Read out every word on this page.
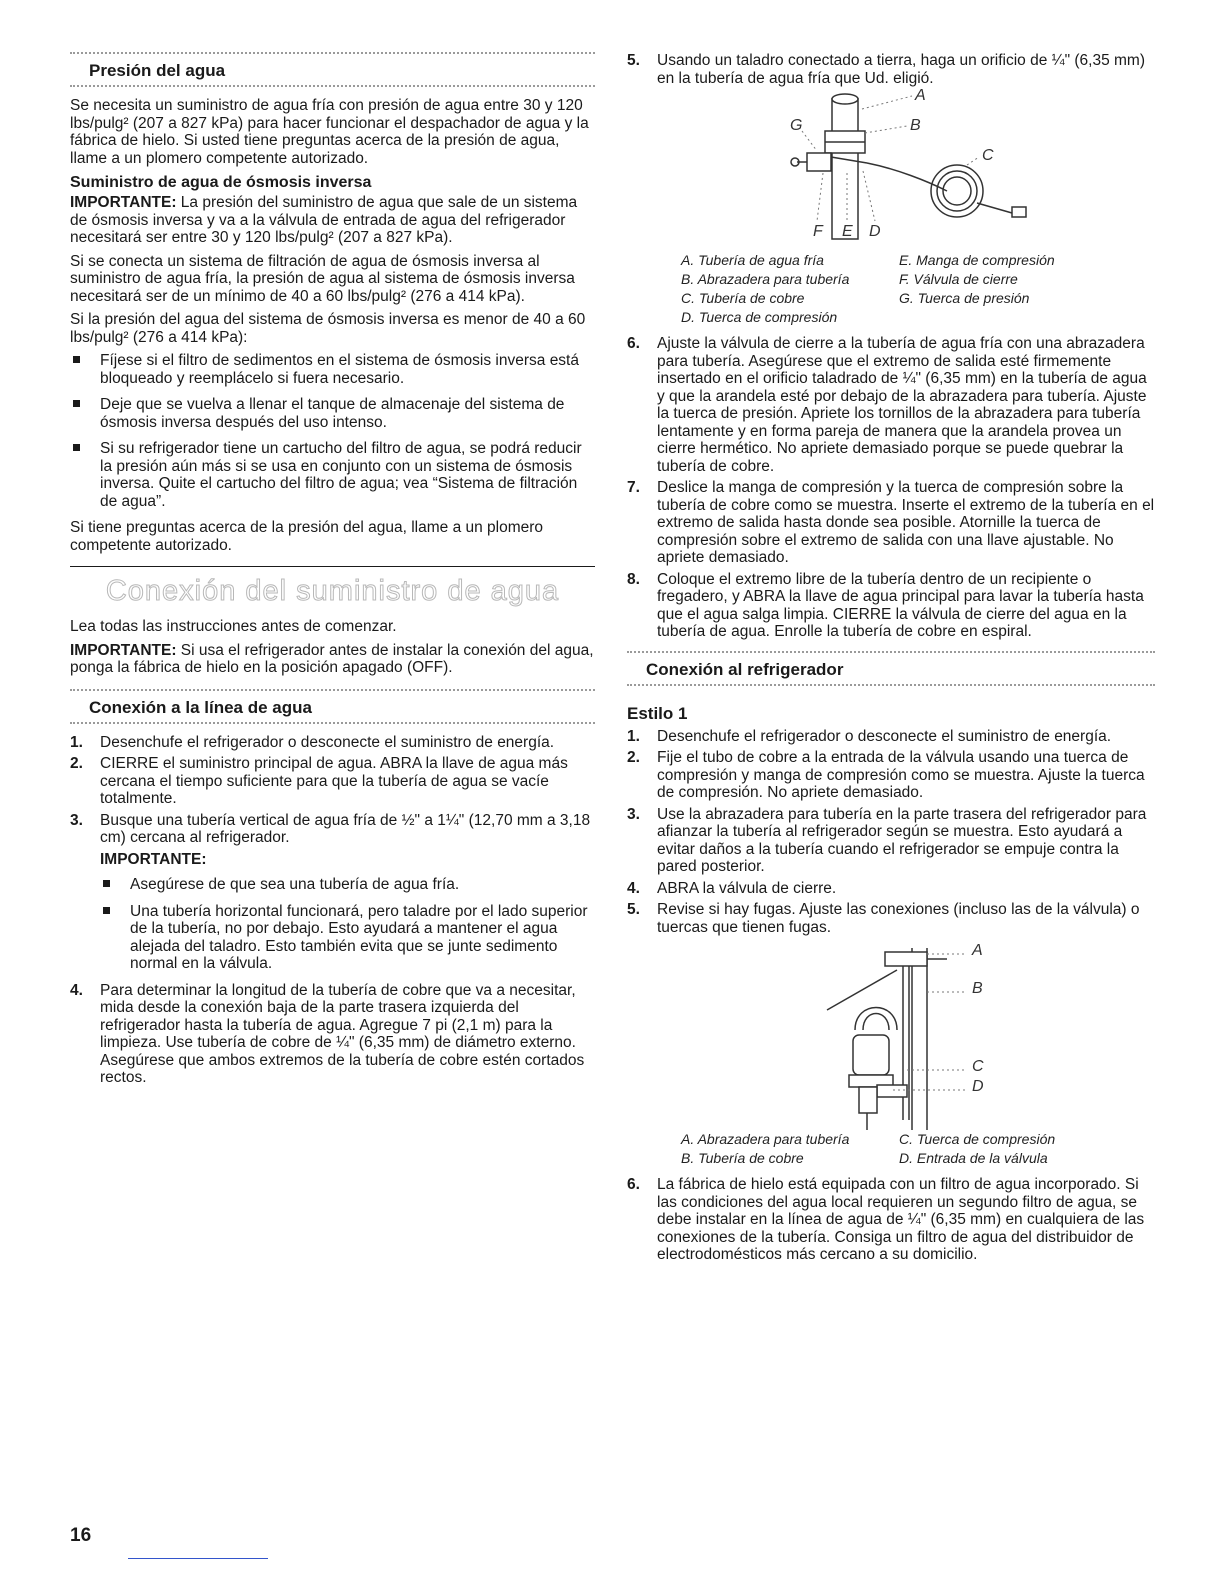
Presión del agua

Se necesita un suministro de agua fría con presión de agua entre 30 y 120 lbs/pulg² (207 a 827 kPa) para hacer funcionar el despachador de agua y la fábrica de hielo. Si usted tiene preguntas acerca de la presión de agua, llame a un plomero competente autorizado.

Suministro de agua de ósmosis inversa

IMPORTANTE: La presión del suministro de agua que sale de un sistema de ósmosis inversa y va a la válvula de entrada de agua del refrigerador necesitará ser entre 30 y 120 lbs/pulg² (207 a 827 kPa).

Si se conecta un sistema de filtración de agua de ósmosis inversa al suministro de agua fría, la presión de agua al sistema de ósmosis inversa necesitará ser de un mínimo de 40 a 60 lbs/pulg² (276 a 414 kPa).

Si la presión del agua del sistema de ósmosis inversa es menor de 40 a 60 lbs/pulg² (276 a 414 kPa):

Fíjese si el filtro de sedimentos en el sistema de ósmosis inversa está bloqueado y reemplácelo si fuera necesario.
Deje que se vuelva a llenar el tanque de almacenaje del sistema de ósmosis inversa después del uso intenso.
Si su refrigerador tiene un cartucho del filtro de agua, se podrá reducir la presión aún más si se usa en conjunto con un sistema de ósmosis inversa. Quite el cartucho del filtro de agua; vea “Sistema de filtración de agua”.

Si tiene preguntas acerca de la presión del agua, llame a un plomero competente autorizado.

Conexión del suministro de agua

Lea todas las instrucciones antes de comenzar.

IMPORTANTE: Si usa el refrigerador antes de instalar la conexión del agua, ponga la fábrica de hielo en la posición apagado (OFF).

Conexión a la línea de agua
1. Desenchufe el refrigerador o desconecte el suministro de energía.
2. CIERRE el suministro principal de agua. ABRA la llave de agua más cercana el tiempo suficiente para que la tubería de agua se vacíe totalmente.
3. Busque una tubería vertical de agua fría de ½" a 1¼" (12,70 mm a 3,18 cm) cercana al refrigerador.
IMPORTANTE:
Asegúrese de que sea una tubería de agua fría.
Una tubería horizontal funcionará, pero taladre por el lado superior de la tubería, no por debajo. Esto ayudará a mantener el agua alejada del taladro. Esto también evita que se junte sedimento normal en la válvula.
4. Para determinar la longitud de la tubería de cobre que va a necesitar, mida desde la conexión baja de la parte trasera izquierda del refrigerador hasta la tubería de agua. Agregue 7 pi (2,1 m) para la limpieza. Use tubería de cobre de ¼" (6,35 mm) de diámetro externo. Asegúrese que ambos extremos de la tubería de cobre estén cortados rectos.
5. Usando un taladro conectado a tierra, haga un orificio de ¼" (6,35 mm) en la tubería de agua fría que Ud. eligió.
A
B
C
D
E
F
G
A. Tubería de agua fría	E. Manga de compresión
B. Abrazadera para tubería	F. Válvula de cierre
C. Tubería de cobre	G. Tuerca de presión
D. Tuerca de compresión
6. Ajuste la válvula de cierre a la tubería de agua fría con una abrazadera para tubería. Asegúrese que el extremo de salida esté firmemente insertado en el orificio taladrado de ¼" (6,35 mm) en la tubería de agua y que la arandela esté por debajo de la abrazadera para tubería. Ajuste la tuerca de presión. Apriete los tornillos de la abrazadera para tubería lentamente y en forma pareja de manera que la arandela provea un cierre hermético. No apriete demasiado porque se puede quebrar la tubería de cobre.
7. Deslice la manga de compresión y la tuerca de compresión sobre la tubería de cobre como se muestra. Inserte el extremo de la tubería en el extremo de salida hasta donde sea posible. Atornille la tuerca de compresión sobre el extremo de salida con una llave ajustable. No apriete demasiado.
8. Coloque el extremo libre de la tubería dentro de un recipiente o fregadero, y ABRA la llave de agua principal para lavar la tubería hasta que el agua salga limpia. CIERRE la válvula de cierre del agua en la tubería de agua. Enrolle la tubería de cobre en espiral.
Conexión al refrigerador
Estilo 1
1. Desenchufe el refrigerador o desconecte el suministro de energía.
2. Fije el tubo de cobre a la entrada de la válvula usando una tuerca de compresión y manga de compresión como se muestra. Ajuste la tuerca de compresión. No apriete demasiado.
3. Use la abrazadera para tubería en la parte trasera del refrigerador para afianzar la tubería al refrigerador según se muestra. Esto ayudará a evitar daños a la tubería cuando el refrigerador se empuje contra la pared posterior.
4. ABRA la válvula de cierre.
5. Revise si hay fugas. Ajuste las conexiones (incluso las de la válvula) o tuercas que tienen fugas.
A
B
C
D
A. Abrazadera para tubería	C. Tuerca de compresión
B. Tubería de cobre	D. Entrada de la válvula
6. La fábrica de hielo está equipada con un filtro de agua incorporado. Si las condiciones del agua local requieren un segundo filtro de agua, se debe instalar en la línea de agua de ¼" (6,35 mm) en cualquiera de las conexiones de la tubería. Consiga un filtro de agua del distribuidor de electrodomésticos más cercano a su domicilio.
16
